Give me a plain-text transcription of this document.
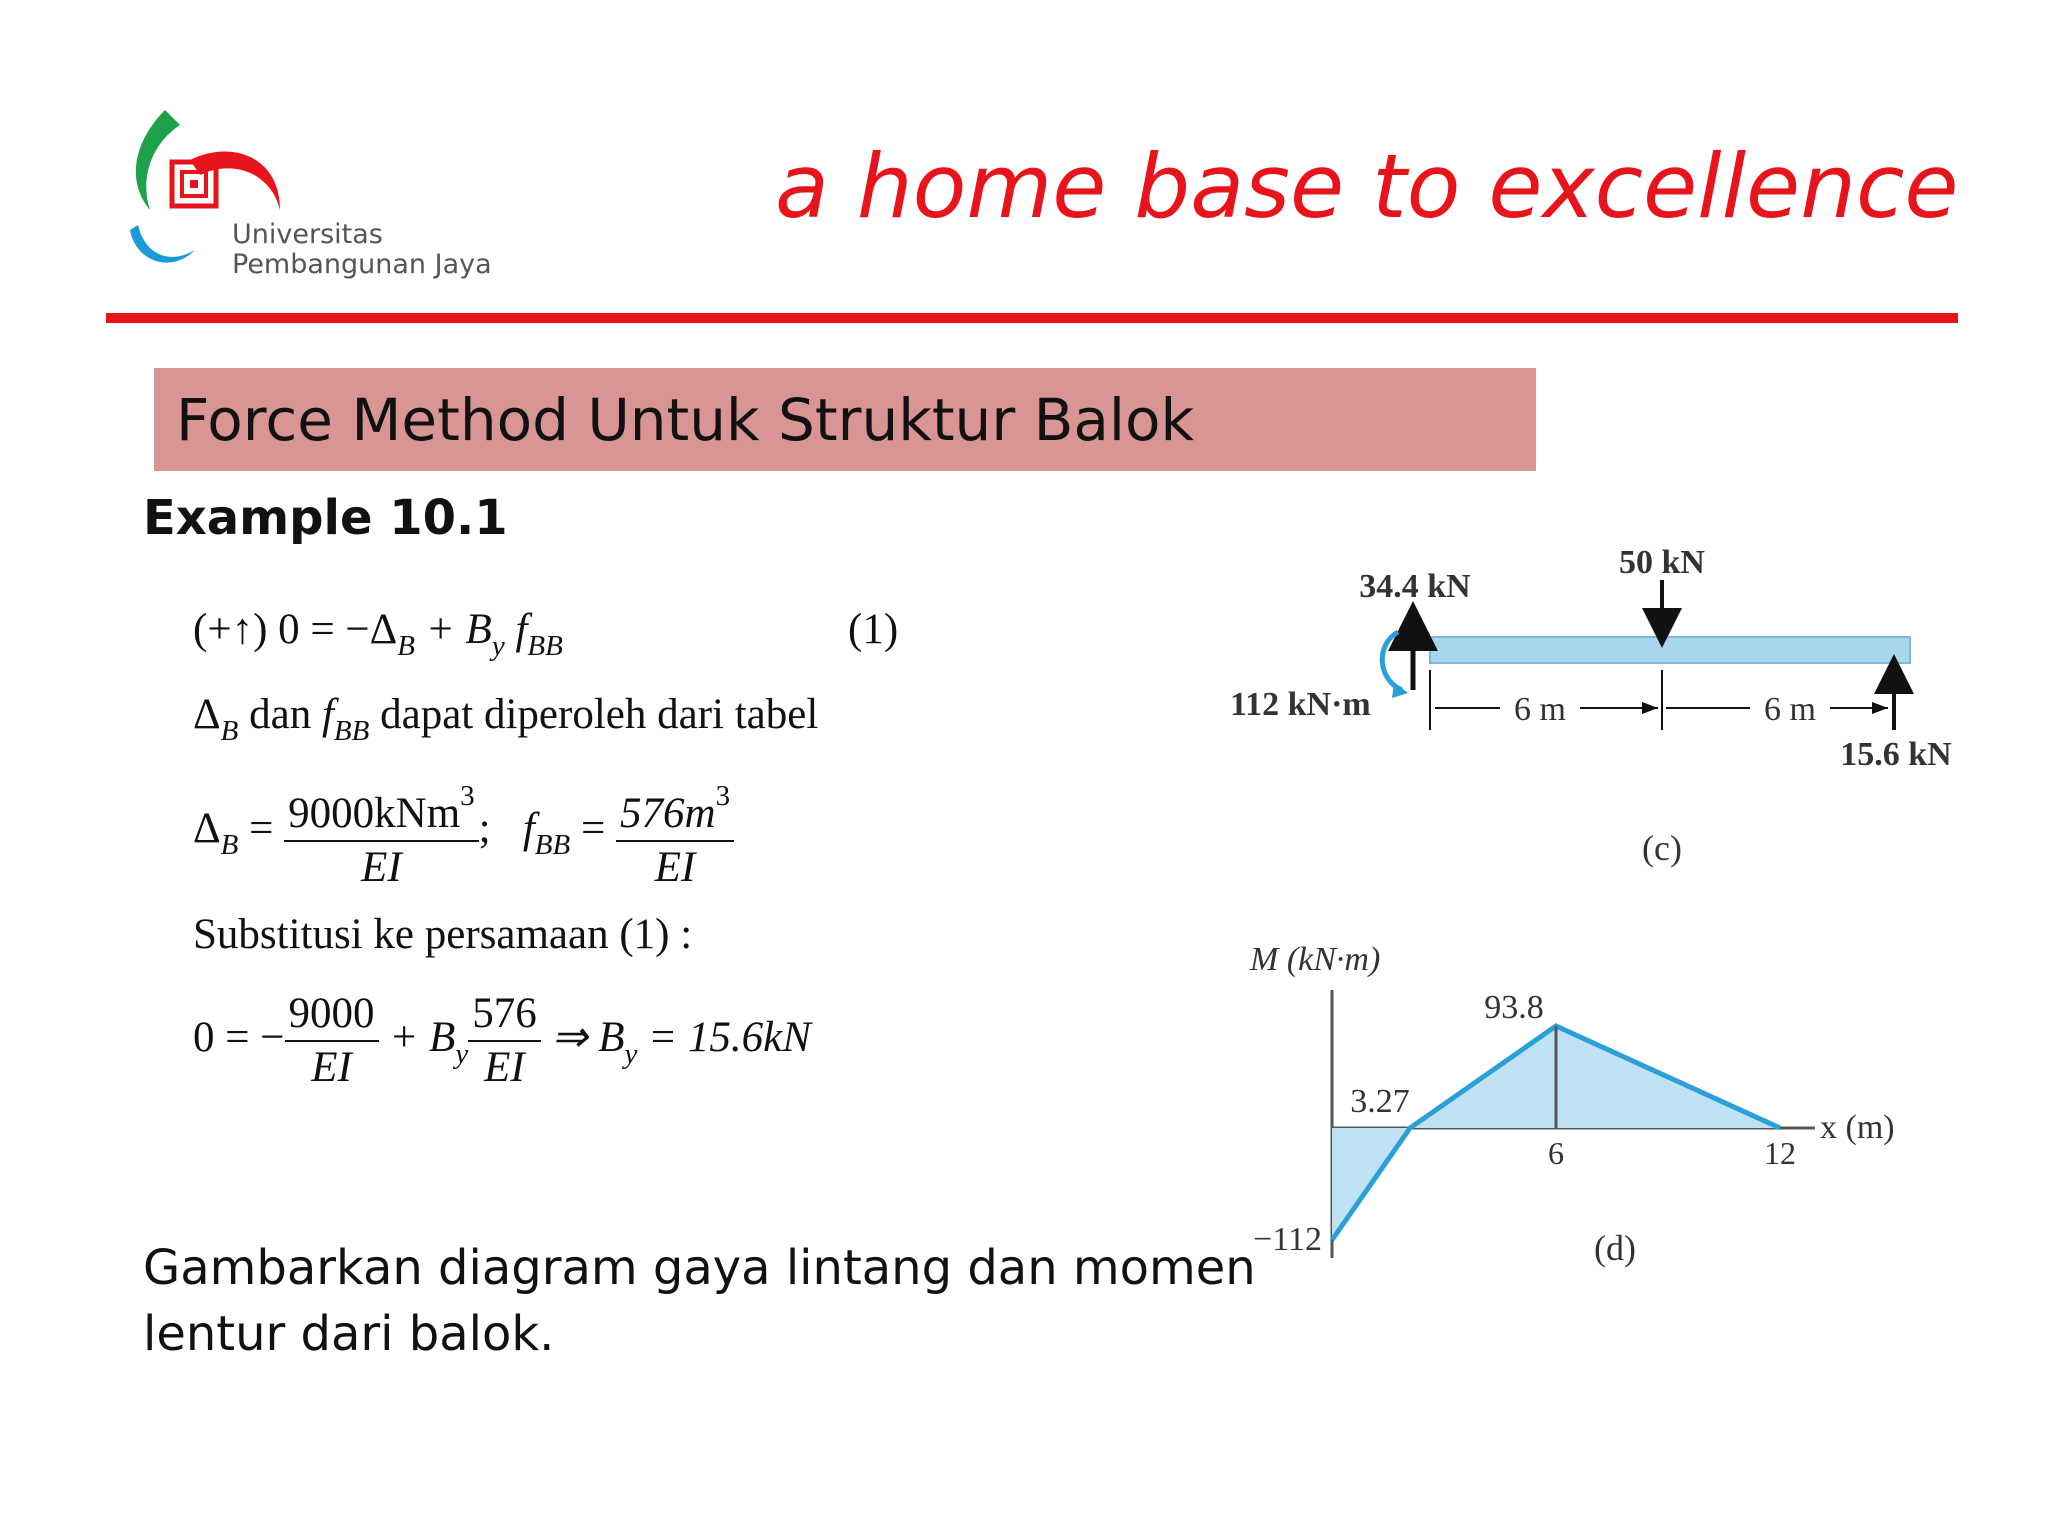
Universitas
Pembangunan Jaya
a home base to excellence
Force Method Untuk Struktur Balok
Example 10.1
(+↑) $0 = -\Delta_B + B_y$ $f_{BB}$	(1)
$\Delta_B$ dan $f_{BB}$ dapat diperoleh dari tabel
$\Delta_B = \frac{9000kNm^3}{EI}$ ; $f_{BB} = \frac{576m^3}{EI}$
Substitusi ke persamaan (1) :
0 = − $\frac{9000}{EI} + B_y \frac{576}{EI}$ ⇒ $B_y = 15.6kN$
Gambarkan diagram gaya lintang dan momen
lentur dari balok.
50 kN
34.4 kN
112 kN·m	6 m	6 m
15.6 kN
(c)
M (kN·m)
x (m)
6	12
−112
3.27
93.8
(d)
